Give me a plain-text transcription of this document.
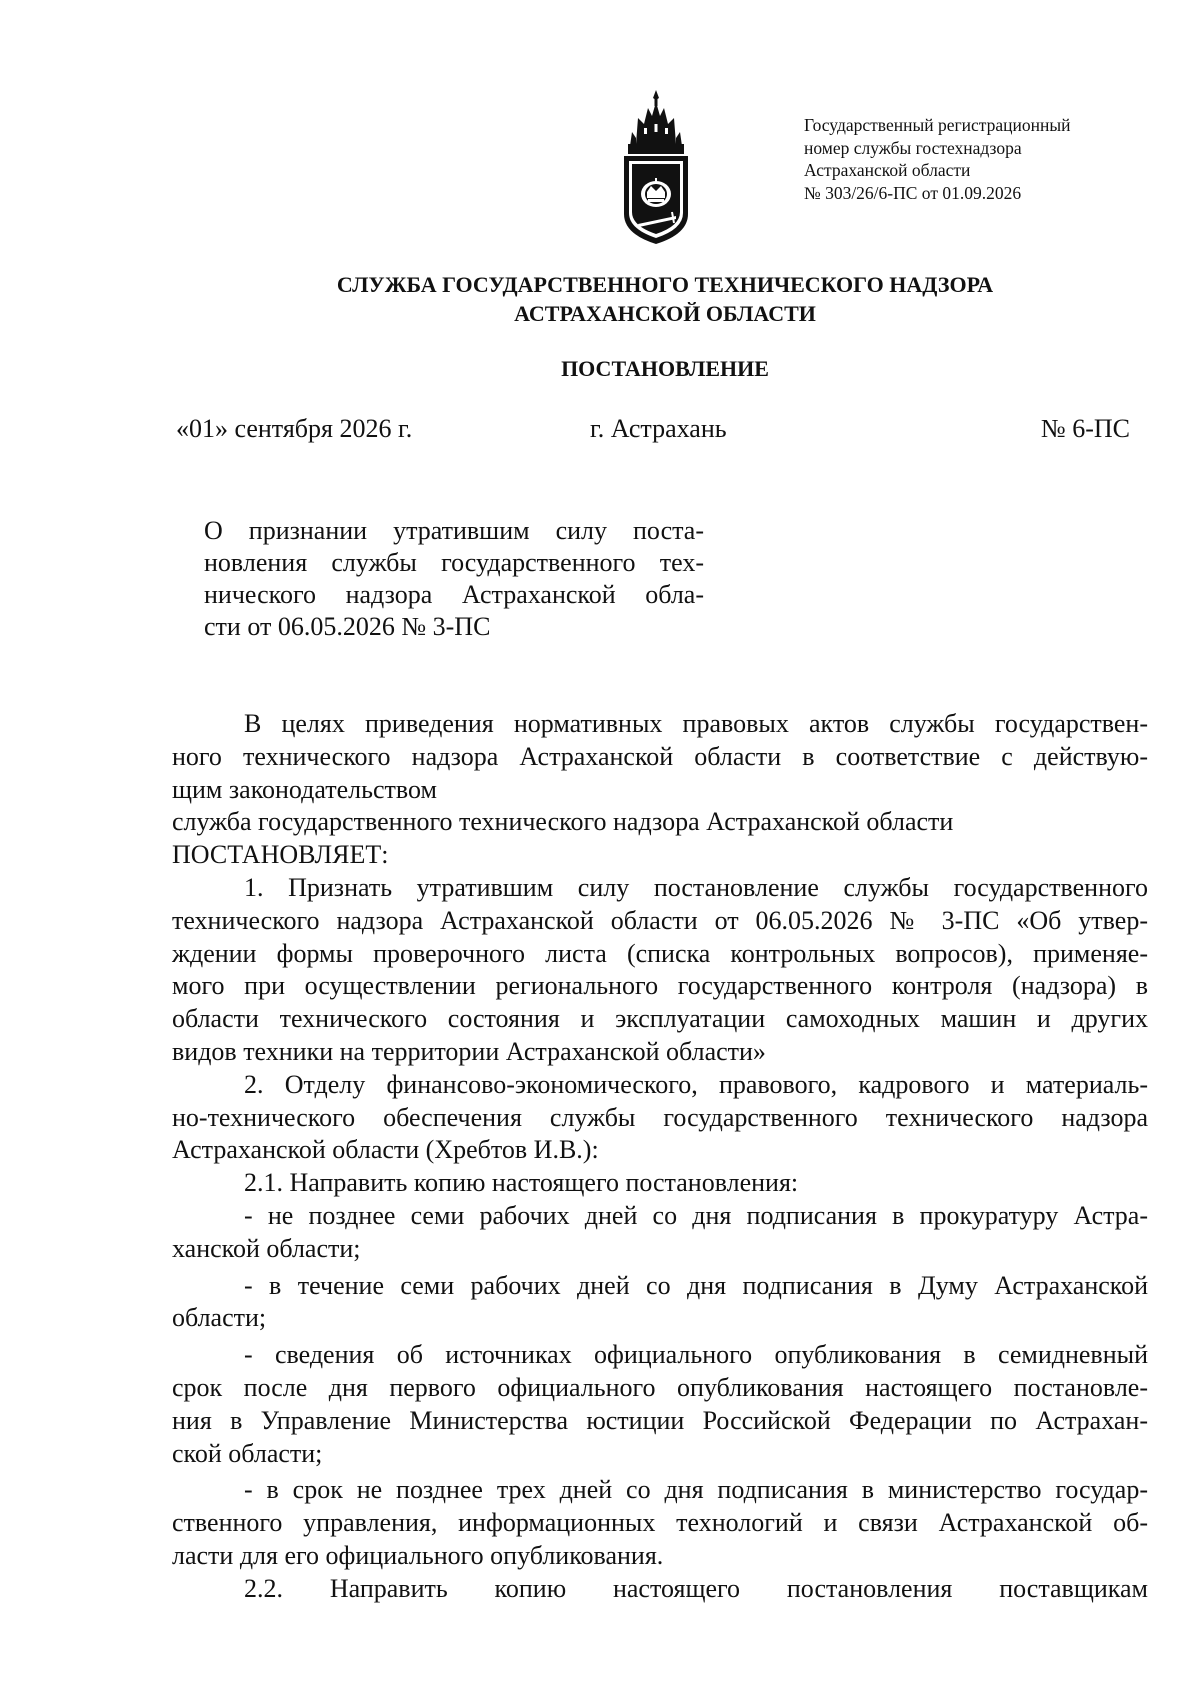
Государственный регистрационный
номер службы гостехнадзора
Астраханской области
№ 303/26/6-ПС от 01.09.2026
СЛУЖБА ГОСУДАРСТВЕННОГО ТЕХНИЧЕСКОГО НАДЗОРА
АСТРАХАНСКОЙ ОБЛАСТИ
ПОСТАНОВЛЕНИЕ
«01» сентября 2026 г.	г. Астрахань	№ 6-ПС
О признании утратившим силу поста-
новления службы государственного тех-
нического надзора Астраханской обла-
сти от 06.05.2026 № 3-ПС
В целях приведения нормативных правовых актов службы государствен-
ного технического надзора Астраханской области в соответствие с действую-
щим законодательством
служба государственного технического надзора Астраханской области
ПОСТАНОВЛЯЕТ:
1. Признать утратившим силу постановление службы государственного
технического надзора Астраханской области от 06.05.2026 № 3-ПС «Об утвер-
ждении формы проверочного листа (списка контрольных вопросов), применяе-
мого при осуществлении регионального государственного контроля (надзора) в
области технического состояния и эксплуатации самоходных машин и других
видов техники на территории Астраханской области»
2. Отделу финансово-экономического, правового, кадрового и материаль-
но-технического обеспечения службы государственного технического надзора
Астраханской области (Хребтов И.В.):
2.1. Направить копию настоящего постановления:
- не позднее семи рабочих дней со дня подписания в прокуратуру Астра-
ханской области;
- в течение семи рабочих дней со дня подписания в Думу Астраханской
области;
- сведения об источниках официального опубликования в семидневный
срок после дня первого официального опубликования настоящего постановле-
ния в Управление Министерства юстиции Российской Федерации по Астрахан-
ской области;
- в срок не позднее трех дней со дня подписания в министерство государ-
ственного управления, информационных технологий и связи Астраханской об-
ласти для его официального опубликования.
2.2. Направить копию настоящего постановления поставщикам
